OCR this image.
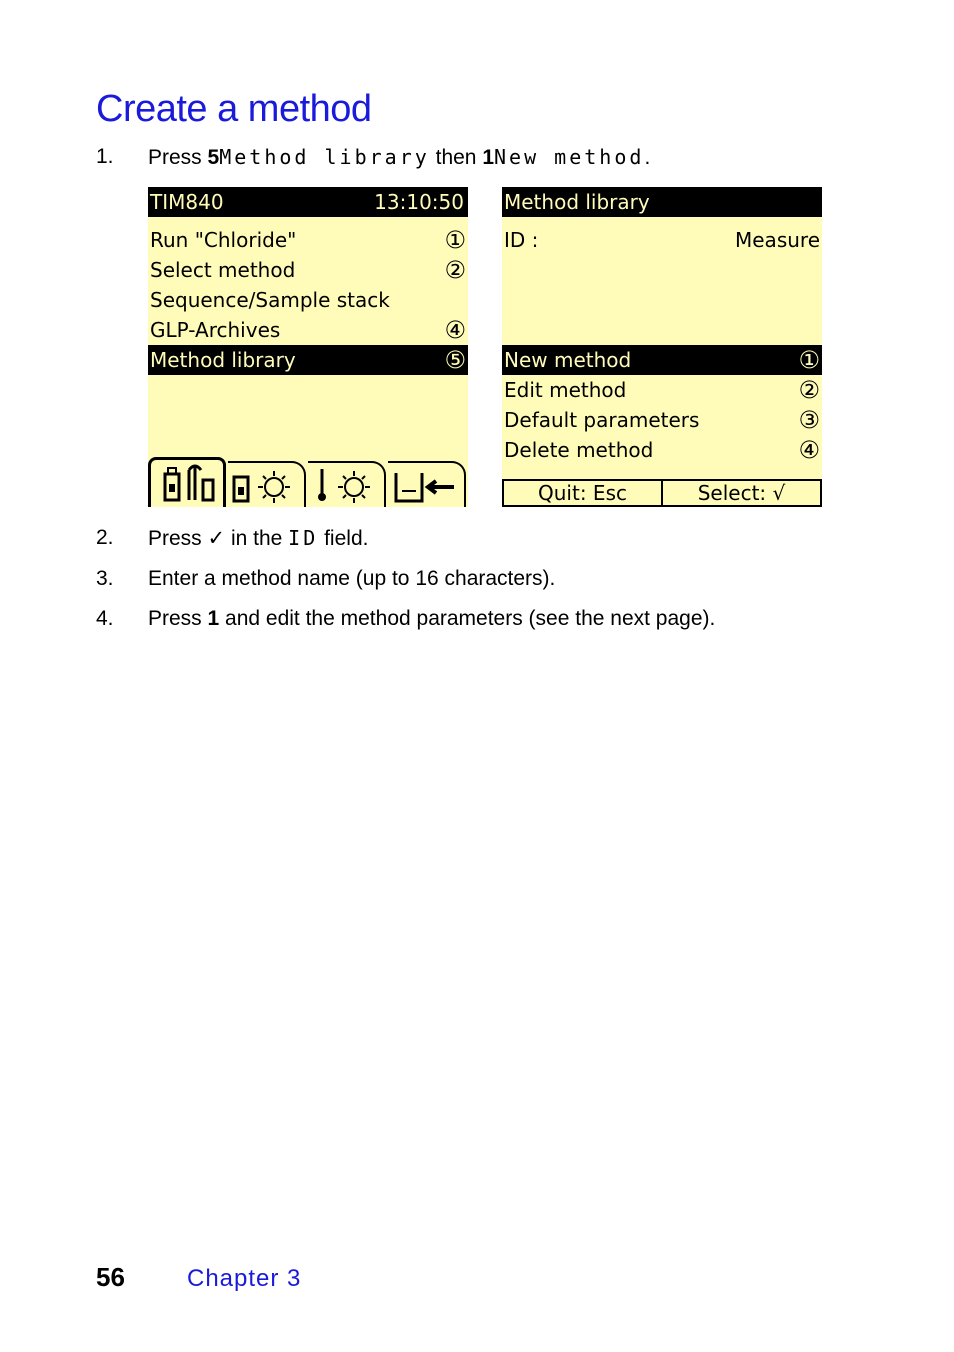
Create a method
1. Press 5Method library then 1New method.
TIM840	13:10:50
Run "Chloride"	①
Select method	②
Sequence/Sample stack
GLP-Archives	④
Method library	⑤
Method library
ID :	Measure
New method	①
Edit method	②
Default parameters	③
Delete method	④
Quit: Esc	Select: √
2. Press ✓ in the ID field.
3. Enter a method name (up to 16 characters).
4. Press 1 and edit the method parameters (see the next page).
56	Chapter 3
